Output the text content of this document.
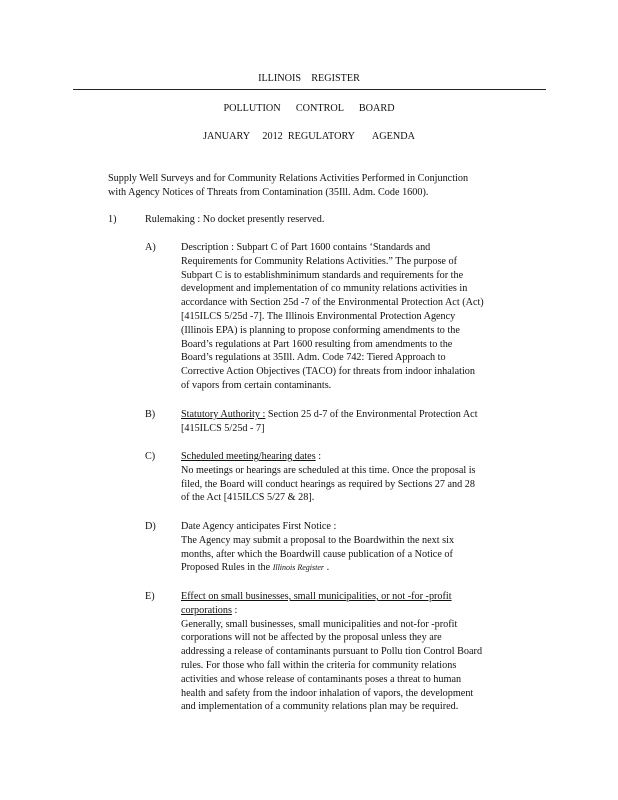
ILLINOIS    REGISTER
POLLUTION      CONTROL      BOARD
JANUARY     2012  REGULATORY       AGENDA
Supply Well Surveys and for Community Relations Activities Performed in Conjunction
with Agency Notices of Threats from Contamination (35Ill. Adm. Code 1600).
1)	Rulemaking : No docket presently reserved.
A) Description : Subpart C of Part 1600 contains ‘Standards and
Requirements for Community Relations Activities.” The purpose of
Subpart C is to establishminimum standards and requirements for the
development and implementation of co mmunity relations activities in
accordance with Section 25d -7 of the Environmental Protection Act (Act)
[415ILCS 5/25d -7]. The Illinois Environmental Protection Agency
(Illinois EPA) is planning to propose conforming amendments to the
Board’s regulations at Part 1600 resulting from amendments to the
Board’s regulations at 35Ill. Adm. Code 742: Tiered Approach to
Corrective Action Objectives (TACO) for threats from indoor inhalation
of vapors from certain contaminants.
B)	Statutory Authority : Section 25 d-7 of the Environmental Protection Act
[415ILCS 5/25d - 7]
C)	Scheduled meeting/hearing dates :
No meetings or hearings are scheduled at this time. Once the proposal is
filed, the Board will conduct hearings as required by Sections 27 and 28
of the Act [415ILCS 5/27 & 28].
D) Date Agency anticipates First Notice :
The Agency may submit a proposal to the Boardwithin the next six
months, after which the Boardwill cause publication of a Notice of
Proposed Rules in the Illinois Register .
E)	Effect on small businesses, small municipalities, or not -for -profit
corporations :
Generally, small businesses, small municipalities and not-for -profit
corporations will not be affected by the proposal unless they are
addressing a release of contaminants pursuant to Pollu tion Control Board
rules. For those who fall within the criteria for community relations
activities and whose release of contaminants poses a threat to human
health and safety from the indoor inhalation of vapors, the development
and implementation of a community relations plan may be required.
